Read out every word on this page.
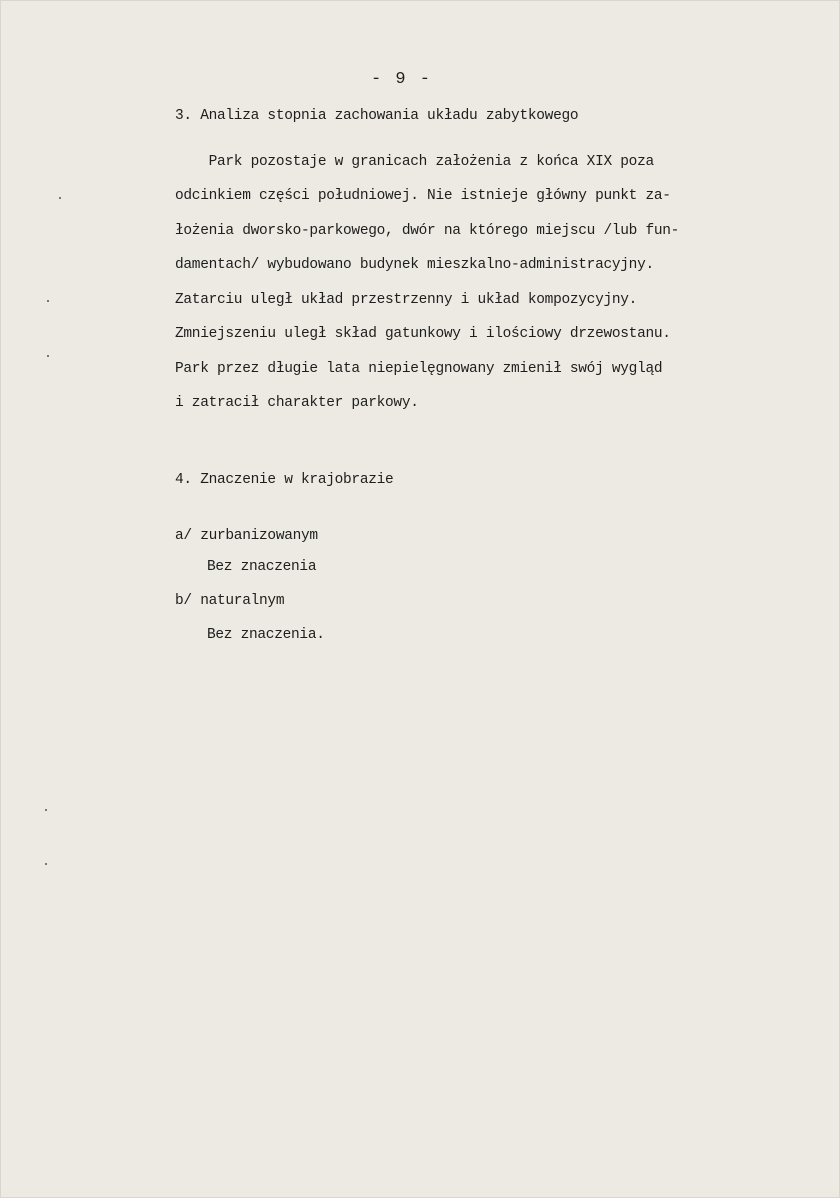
- 9 -
3. Analiza stopnia zachowania układu zabytkowego
Park pozostaje w granicach założenia z końca XIX poza
odcinkiem części południowej. Nie istnieje główny punkt za-
łożenia dworsko-parkowego, dwór na którego miejscu /lub fun-
damentach/ wybudowano budynek mieszkalno-administracyjny.
Zatarciu uległ układ przestrzenny i układ kompozycyjny.
Zmniejszeniu uległ skład gatunkowy i ilościowy drzewostanu.
Park przez długie lata niepielęgnowany zmienił swój wygląd
i zatracił charakter parkowy.
4. Znaczenie w krajobrazie
a/ zurbanizowanym
Bez znaczenia
b/ naturalnym
Bez znaczenia.
